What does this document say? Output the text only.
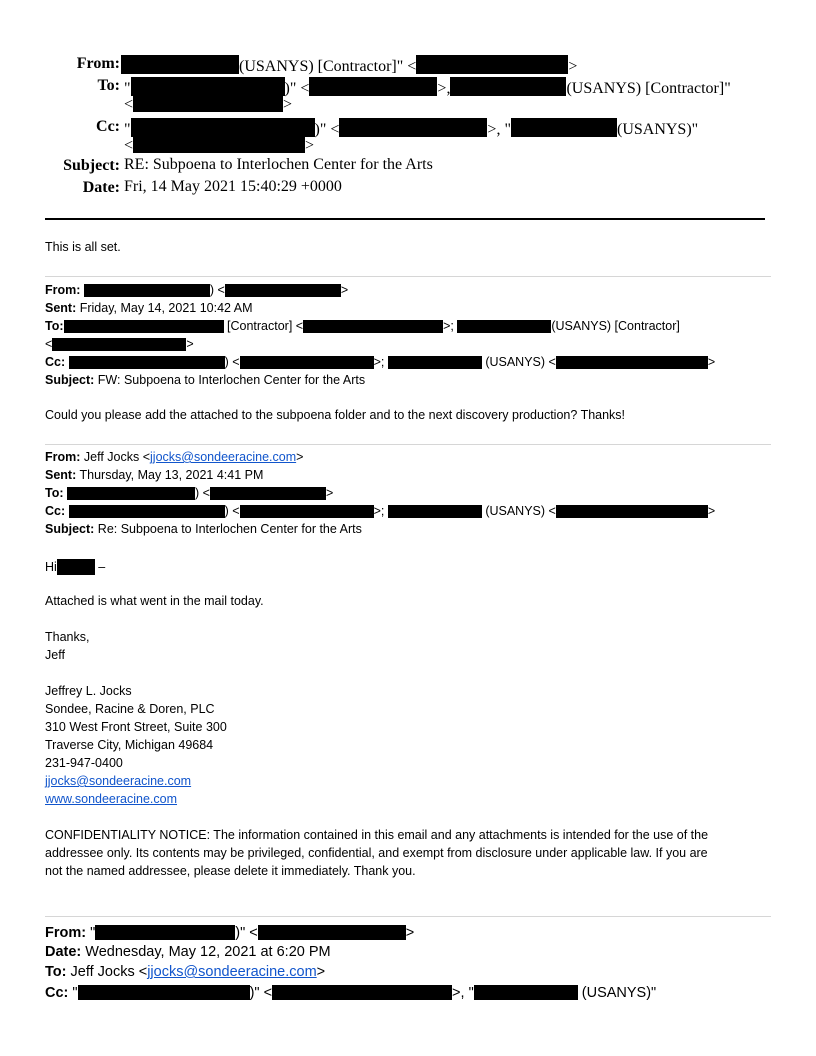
From:	(USANYS) [Contractor]" <	>
To: "	)" <	>,	(USANYS) [Contractor]"
<	>
Cc: "	)" <	>, "	(USANYS)"
<	>
Subject: RE: Subpoena to Interlochen Center for the Arts
Date: Fri, 14 May 2021 15:40:29 +0000
This is all set.
From:	) <	>
Sent: Friday, May 14, 2021 10:42 AM
To:	[Contractor] <	>;	(USANYS) [Contractor]
<	>
Cc:	) <	>;	(USANYS) <	>
Subject: FW: Subpoena to Interlochen Center for the Arts
Could you please add the attached to the subpoena folder and to the next discovery production? Thanks!
From: Jeff Jocks <jjocks@sondeeracine.com>
Sent: Thursday, May 13, 2021 4:41 PM
To:	) <	>
Cc:	) <	>;	(USANYS) <	>
Subject: Re: Subpoena to Interlochen Center for the Arts
Hi	–
Attached is what went in the mail today.
Thanks,
Jeff
Jeffrey L. Jocks
Sondee, Racine & Doren, PLC
310 West Front Street, Suite 300
Traverse City, Michigan 49684
231-947-0400
jjocks@sondeeracine.com
www.sondeeracine.com
CONFIDENTIALITY NOTICE: The information contained in this email and any attachments is intended for the use of the
addressee only. Its contents may be privileged, confidential, and exempt from disclosure under applicable law. If you are
not the named addressee, please delete it immediately. Thank you.
From: "	)" <	>
Date: Wednesday, May 12, 2021 at 6:20 PM
To: Jeff Jocks <jjocks@sondeeracine.com>
Cc: "	)" <	>, "	(USANYS)"
